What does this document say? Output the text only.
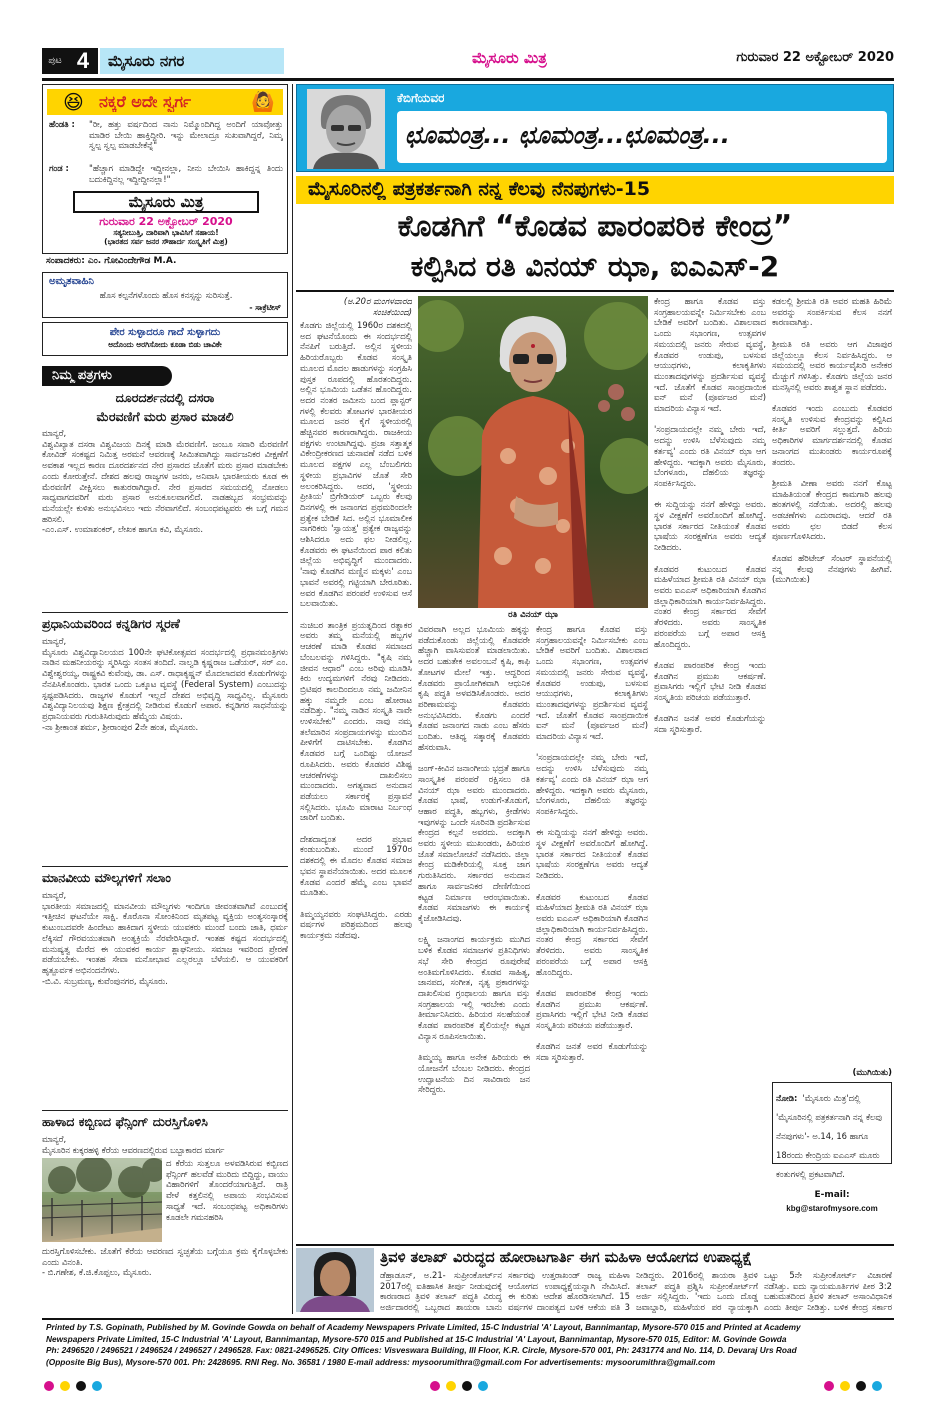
ಪುಟ 4	ಮೈಸೂರು ನಗರ	ಮೈಸೂರು ಮಿತ್ರ	ಗುರುವಾರ 22 ಅಕ್ಟೋಬರ್ 2020
😆 ನಕ್ಕರೆ ಅದೇ ಸ್ವರ್ಗ	🙆
ಹೆಂಡತಿ :	"ರೀ, ಹತ್ತು ವರ್ಷದಿಂದ ನಾನು ನಿಮ್ಮೊಂದಿಗಿದ್ದ ಅಂದಿಗೆ ಯಾವೋತ್ತು ಮಾಡಿರ ಬೇಯಿ ಹಾಕ್ತಿದ್ದೀರಿ. ಇನ್ನು ಮೇಲಾದ್ರೂ ಸುಖವಾಗಿದ್ದರೆ, ನಿಮ್ಮ ಸ್ವಲ್ಪ ಸ್ವಲ್ಪ ಮಾಡಬೇಕೆನ್ನೆ"
ಗಂಡ :	"ಹೆಚ್ಚಾಗ ಮಾಡಿದ್ದೇ ಇದ್ದೀನಲ್ಲಾ, ನೀನು ಬೇಯಿಸಿ ಹಾಕಿದ್ದನ್ನ ತಿಂದು ಬದುಕಿದ್ದಿನಲ್ಲ ಇದ್ದೀದ್ದೀನಲ್ಲಾ!"
ಮೈಸೂರು ಮಿತ್ರ
ಗುರುವಾರ 22 ಅಕ್ಟೋಬರ್ 2020
ಸತ್ಯನೀಬುತ್ತಿ, ದಾರಿವಾಗಿ ಭಾವಿಸಿಗೆ ಸಹಾಯ!
(ಭಾರತದ ಸರ್ವ ಜನರ ಸೌಹಾರ್ದ ಸಂಸ್ಕೃತಿಗೆ ಮಿಶ್ರ)
ಸಂಪಾದಕರು: ಎಂ. ಗೋವಿಂದೇಗೌಡ M.A.
ಅಮೃತವಾಹಿನಿ
ಹೊಸ ಕಲ್ಪನೆಗಳೊಂದು ಹೊಸ ಕನಸ್ಸನ್ನು ಸುರಿಸುತ್ತೆ.
- ಸಾಕ್ರೆಟೀಸ್
ಪೇರ ಸುಳ್ಳಾದರೂ ಗಾದೆ ಸುಳ್ಳಾಗದು
ಅದೊಂದು ಅರಗಿಸೋದು ಕೂಡಾ ಬಿಡು ಚಾವಿಕೇ
ನಿಮ್ಮ ಪತ್ರಗಳು
ದೂರದರ್ಶನದಲ್ಲಿ ದಸರಾ
ಮೆರವಣಿಗೆ ಮರು ಪ್ರಸಾರ ಮಾಡಲಿ
ಮಾನ್ಯರೆ,
ವಿಶ್ವವಿಖ್ಯಾತ ದಸರಾ ವಿಶ್ವವಿಜಯ ದಿನಕ್ಕೆ ಮಾಡಿ ಮೆರವಣಿಗೆ. ಜಂಬೂ ಸವಾರಿ ಮೆರವಣಿಗೆ ಕೋವಿಡ್ ಸಂಕಷ್ಟದ ನಿಮಿತ್ತ ಅರಮನೆ ಆವರಣಕ್ಕೆ ಸೀಮಿತವಾಗಿದ್ದು ಸಾರ್ವಜನಿಕರ ವೀಕ್ಷಣೆಗೆ ಅವಕಾಶ ಇಲ್ಲದ ಕಾರಣ ದೂರದರ್ಶನದ ನೇರ ಪ್ರಸಾರದ ಜೊತೆಗೆ ಮರು ಪ್ರಸಾರ ಮಾಡಬೇಕು ಎಂದು ಕೋರುತ್ತೇನೆ. ದೇಶದ ಹಲವು ರಾಜ್ಯಗಳ ಜನರು, ಅನಿವಾಸಿ ಭಾರತೀಯರು ಕೂಡ ಈ ಮೆರವಣಿಗೆ ವೀಕ್ಷಿಸಲು ಕಾತುರರಾಗಿದ್ದಾರೆ. ನೇರ ಪ್ರಸಾರದ ಸಮಯದಲ್ಲಿ ನೋಡಲು ಸಾಧ್ಯವಾಗದವರಿಗೆ ಮರು ಪ್ರಸಾರ ಅನುಕೂಲವಾಗಲಿದೆ. ನಾಡಹಬ್ಬದ ಸಂಭ್ರಮವನ್ನು ಮನೆಯಲ್ಲೇ ಕುಳಿತು ಅನುಭವಿಸಲು ಇದು ನೆರವಾಗಲಿದೆ. ಸಂಬಂಧಪಟ್ಟವರು ಈ ಬಗ್ಗೆ ಗಮನ ಹರಿಸಲಿ.
-ಎಂ.ಎಸ್. ಉಮಾಶಂಕರ್, ಲೇಖಕ ಹಾಗೂ ಕವಿ, ಮೈಸೂರು.
ಪ್ರಧಾನಿಯವರಿಂದ ಕನ್ನಡಿಗರ ಸ್ಮರಣೆ
ಮಾನ್ಯರೆ,
ಮೈಸೂರು ವಿಶ್ವವಿದ್ಯಾನಿಲಯದ 100ನೇ ಘಟಿಕೋತ್ಸವದ ಸಂದರ್ಭದಲ್ಲಿ ಪ್ರಧಾನಮಂತ್ರಿಗಳು ನಾಡಿನ ಮಹನೀಯರನ್ನು ಸ್ಮರಿಸಿದ್ದು ಸಂತಸ ತಂದಿದೆ. ನಾಲ್ವಡಿ ಕೃಷ್ಣರಾಜ ಒಡೆಯರ್, ಸರ್ ಎಂ. ವಿಶ್ವೇಶ್ವರಯ್ಯ, ರಾಷ್ಟ್ರಕವಿ ಕುವೆಂಪು, ಡಾ. ಎಸ್. ರಾಧಾಕೃಷ್ಣನ್ ಮೊದಲಾದವರ ಕೊಡುಗೆಗಳನ್ನು ನೆನಪಿಸಿಕೊಂಡರು. ಭಾರತ ಒಂದು ಒಕ್ಕೂಟ ವ್ಯವಸ್ಥೆ (Federal System) ಎಂಬುದನ್ನು ಸ್ಪಷ್ಟಪಡಿಸಿದರು. ರಾಜ್ಯಗಳ ಕೊಡುಗೆ ಇಲ್ಲದೆ ದೇಶದ ಅಭಿವೃದ್ಧಿ ಸಾಧ್ಯವಿಲ್ಲ. ಮೈಸೂರು ವಿಶ್ವವಿದ್ಯಾನಿಲಯವು ಶಿಕ್ಷಣ ಕ್ಷೇತ್ರದಲ್ಲಿ ನೀಡಿರುವ ಕೊಡುಗೆ ಅಪಾರ. ಕನ್ನಡಿಗರ ಸಾಧನೆಯನ್ನು ಪ್ರಧಾನಿಯವರು ಗುರುತಿಸಿರುವುದು ಹೆಮ್ಮೆಯ ವಿಷಯ.
-ನಾ ಶ್ರೀಕಾಂತ ಶರ್ಮ, ಶ್ರೀರಾಂಪುರ 2ನೇ ಹಂತ, ಮೈಸೂರು.
ಮಾನವೀಯ ಮೌಲ್ಯಗಳಿಗೆ ಸಲಾಂ
ಮಾನ್ಯರೆ,
ಭಾರತೀಯ ಸಮಾಜದಲ್ಲಿ ಮಾನವೀಯ ಮೌಲ್ಯಗಳು ಇಂದಿಗೂ ಜೀವಂತವಾಗಿವೆ ಎಂಬುದಕ್ಕೆ ಇತ್ತೀಚಿನ ಘಟನೆಯೇ ಸಾಕ್ಷಿ. ಕೊರೊನಾ ಸೋಂಕಿನಿಂದ ಮೃತಪಟ್ಟ ವ್ಯಕ್ತಿಯ ಅಂತ್ಯಸಂಸ್ಕಾರಕ್ಕೆ ಕುಟುಂಬದವರೇ ಹಿಂದೇಟು ಹಾಕಿದಾಗ ಸ್ಥಳೀಯ ಯುವಕರು ಮುಂದೆ ಬಂದು ಜಾತಿ, ಧರ್ಮ ಲೆಕ್ಕಿಸದೆ ಗೌರವಯುತವಾಗಿ ಅಂತ್ಯಕ್ರಿಯೆ ನೆರವೇರಿಸಿದ್ದಾರೆ. ಇಂತಹ ಕಷ್ಟದ ಸಂದರ್ಭದಲ್ಲಿ ಮನುಷ್ಯತ್ವ ಮೆರೆದ ಈ ಯುವಕರ ಕಾರ್ಯ ಶ್ಲಾಘನೀಯ. ಸಮಾಜ ಇವರಿಂದ ಪ್ರೇರಣೆ ಪಡೆಯಬೇಕು. ಇಂತಹ ಸೇವಾ ಮನೋಭಾವ ಎಲ್ಲರಲ್ಲೂ ಬೆಳೆಯಲಿ. ಆ ಯುವಕರಿಗೆ ಹೃತ್ಪೂರ್ವಕ ಅಭಿನಂದನೆಗಳು.
-ಬಿ.ವಿ. ಸುಬ್ರಮಣ್ಯ, ಕುವೆಂಪುನಗರ, ಮೈಸೂರು.
ಹಾಳಾದ ಕಬ್ಬಿಣದ ಫೆನ್ಸಿಂಗ್ ದುರಸ್ತಿಗೊಳಿಸಿ
ಮಾನ್ಯರೆ,
ಮೈಸೂರಿನ ಕುಕ್ಕರಹಳ್ಳಿ ಕೆರೆಯ ಆವರಣದಲ್ಲಿರುವ ಬಬ್ಬಾಕಾರದ ಮಾರ್ಗ
ದ ಕೆರೆಯ ಸುತ್ತಲೂ ಅಳವಡಿಸಿರುವ ಕಬ್ಬಿಣದ ಫೆನ್ಸಿಂಗ್ ಹಲವೆಡೆ ಮುರಿದು ಬಿದ್ದಿದ್ದು, ವಾಯು ವಿಹಾರಿಗಳಿಗೆ ತೊಂದರೆಯಾಗುತ್ತಿದೆ. ರಾತ್ರಿ ವೇಳೆ ಕತ್ತಲಿನಲ್ಲಿ ಅಪಾಯ ಸಂಭವಿಸುವ ಸಾಧ್ಯತೆ ಇದೆ. ಸಂಬಂಧಪಟ್ಟ ಅಧಿಕಾರಿಗಳು ಕೂಡಲೇ ಗಮನಹರಿಸಿ
ದುರಸ್ತಿಗೊಳಿಸಬೇಕು. ಜೊತೆಗೆ ಕೆರೆಯ ಆವರಣದ ಸ್ವಚ್ಛತೆಯ ಬಗ್ಗೆಯೂ ಕ್ರಮ ಕೈಗೊಳ್ಳಬೇಕು ಎಂದು ವಿನಂತಿ.
- ಬಿ.ಗಣೇಶ, ಕೆ.ಜಿ.ಕೊಪ್ಪಲು, ಮೈಸೂರು.
ಕೆಬಿಗೆಯವರ
ಛೂಮಂತ್ರ... ಛೂಮಂತ್ರ...ಛೂಮಂತ್ರ...
ಮೈಸೂರಿನಲ್ಲಿ ಪತ್ರಕರ್ತನಾಗಿ ನನ್ನ ಕೆಲವು ನೆನಪುಗಳು-15
ಕೊಡಗಿಗೆ “ಕೊಡವ ಪಾರಂಪರಿಕ ಕೇಂದ್ರ”
ಕಲ್ಪಿಸಿದ ರತಿ ವಿನಯ್ ಝಾ, ಐಎಎಸ್-2
(ಅ.20ರ ಮಂಗಳವಾರದ
ಸಂಚಿಕೆಯಿಂದ)
ಕೊಡಗು ಜಿಲ್ಲೆಯಲ್ಲಿ 1960ರ ದಶಕದಲ್ಲಿ ಅದ ಘಟನೆಯೊಂದು ಈ ಸಂದರ್ಭದಲ್ಲಿ ನೆನಪಿಗೆ ಬರುತ್ತಿದೆ. ಅಲ್ಲಿನ ಸ್ಥಳೀಯ ಹಿರಿಯರೊಬ್ಬರು ಕೊಡವ ಸಂಸ್ಕೃತಿ ಮೂಲದ ಮೊದಲ ಹಾಡುಗಳನ್ನು ಸಂಗ್ರಹಿಸಿ ಪುಸ್ತಕ ರೂಪದಲ್ಲಿ ಹೊರತಂದಿದ್ದರು. ಅಲ್ಲಿನ ಭೂಮಿಯ ಒಡೆತನ ಹೊಂದಿದ್ದರು. ಅದರ ನಂತರ ಜಮೀನು ಬಂದ ಪ್ಲಾನ್ಟರ್ ಗಳಲ್ಲಿ ಕೆಲವರು ತೋಟಗಳ ಭಾರತೀಯರ ಮೂಲದ ಜನರ ಕೈಗೆ ಸ್ಥಳೀಯರಲ್ಲಿ ಹೆಚ್ಚಿನವರ ಕಾರಣರಾಗಿದ್ದರು. ರಾಜಕೀಯ ಪಕ್ಷಗಳು ಉಂಟಾಗಿದ್ದವು. ಪ್ರಜಾ ಸತ್ತಾತ್ಮಕ ವಿಕೇಂದ್ರೀಕರಣದ ಚುನಾವಣೆ ನಡೆದ ಬಳಿಕ ಮೂಲದ ಪಕ್ಷಗಳ ಎಲ್ಲ ಬೆಂಬಲಿಗರು ಸ್ಥಳೀಯ ಪ್ರಭಾವಿಗಳ ಜೊತೆ ಸೇರಿ ಅಲಂಕರಿಸಿದ್ದರು. ಅದರ, 'ಸ್ಥಳೀಯ ಪ್ರೀತಿಯ' ಬ್ರಿಗೇಡಿಯರ್ ಒಬ್ಬರು ಕೆಲವು ದಿನಗಳಲ್ಲಿ ಈ ಜನಾಂಗದ ಪ್ರಥಮರಿಂದಲೇ ಪ್ರತ್ಯೇಕ ಬೇಡಿಕೆ ಸಿದ. ಅಲ್ಲಿನ ಭೂಮಾಲೀಕ ನಾಗರಿಕರು 'ಸ್ವಾಯತ್ತ' ಪ್ರತ್ಯೇಕ ರಾಜ್ಯವನ್ನು ಆಶಿಸಿದರೂ ಅದು ಫಲ ನೀಡಲಿಲ್ಲ. ಕೊಡವರು ಈ ಘಟನೆಯಿಂದ ಪಾಠ ಕಲಿತು ಜಿಲ್ಲೆಯ ಅಭಿವೃದ್ಧಿಗೆ ಮುಂದಾದರು. 'ನಾವು ಕೊಡಗಿನ ಮಣ್ಣಿನ ಮಕ್ಕಳು' ಎಂಬ ಭಾವನೆ ಅವರಲ್ಲಿ ಗಟ್ಟಿಯಾಗಿ ಬೇರೂರಿತು. ಅವರ ಕೊಡಗಿನ ಪರಂಪರೆ ಉಳಿಸುವ ಆಸೆ ಬಲವಾಯಿತು.

ನುಚಿಬರ ತಾಂತ್ರಿಕ ಪ್ರಯತ್ನದಿಂದ ರತ್ನಾಕರ ಅವರು ತಮ್ಮ ಮನೆಯಲ್ಲಿ ಹಬ್ಬಗಳ ಆಚರಣೆ ಮಾಡಿ ಕೊಡವ ಸಮಾಜದ ಬೆಂಬಲವನ್ನು ಗಳಿಸಿದ್ದರು. "ಕೃಷಿ ನಮ್ಮ ಜೀವನ ಆಧಾರ" ಎಂಬ ಅರಿವು ಮೂಡಿಸಿ ಕಿರು ಉದ್ಯಮಗಳಿಗೆ ನೆರವು ನೀಡಿದರು. ಬ್ರಿಟಿಷರ ಕಾಲದಿಂದಲೂ ನಮ್ಮ ಜಮೀನಿನ ಹಕ್ಕು ನಮ್ಮದೇ ಎಂಬ ಹೋರಾಟ ನಡೆದಿತ್ತು. "ನಮ್ಮ ನಾಡಿನ ಸಂಸ್ಕೃತಿ ನಾವೇ ಉಳಿಸಬೇಕು" ಎಂದರು. ನಾವು ನಮ್ಮ ತಲೆಮಾರಿನ ಸಂಪ್ರದಾಯಗಳನ್ನು ಮುಂದಿನ ಪೀಳಿಗೆಗೆ ದಾಟಿಸಬೇಕು. ಕೊಡಗಿನ ಕೊಡವರ ಬಗ್ಗೆ ಒಂದಿಷ್ಟು ಯೋಜನೆ ರೂಪಿಸಿದರು. ಅವರು ಕೊಡವರ ವಿಶಿಷ್ಟ ಆಚರಣೆಗಳನ್ನು ದಾಖಲಿಸಲು ಮುಂದಾದರು. ಅಗತ್ಯವಾದ ಅನುದಾನ ಪಡೆಯಲು ಸರ್ಕಾರಕ್ಕೆ ಪ್ರಸ್ತಾವನೆ ಸಲ್ಲಿಸಿದರು. ಭೂಮಿ ಮಾರಾಟ ನಿರ್ಬಂಧ ಜಾರಿಗೆ ಬಂದಿತು.

ದೇಶದಾದ್ಯಂತ ಅದರ ಪ್ರಭಾವ ಕಂಡುಬಂದಿತು. ಮುಂದೆ 1970ರ ದಶಕದಲ್ಲಿ ಈ ಮೊದಲ ಕೊಡವ ಸಮಾಜ ಭವನ ಸ್ಥಾಪನೆಯಾಯಿತು. ಅದರ ಮೂಲಕ ಕೊಡವ ಎಂದರೆ ಹೆಮ್ಮೆ ಎಂಬ ಭಾವನೆ ಮೂಡಿತು.

ತಿಮ್ಮಯ್ಯನವರು ಸಂಘಟಿಸಿದ್ದರು. ಎರಡು ವರ್ಷಗಳ ಪರಿಶ್ರಮದಿಂದ ಹಲವು ಕಾರ್ಯಕ್ರಮ ನಡೆದವು.
ರತಿ ವಿನಯ್ ಝಾ
ವಿವರವಾಗಿ ಅಲ್ಲದ ಭೂಮಿಯ ಹಕ್ಕನ್ನು ಪಡೆದುಕೊಂಡು ಜಿಲ್ಲೆಯಲ್ಲಿ ಕೊಡವರೇ ಹೆಚ್ಚಾಗಿ ವಾಸಿಸುವಂತೆ ಮಾಡಲಾಯಿತು. ಅದರ ಬಹುತೇಕ ಅವಲಂಬನೆ ಕೃಷಿ, ಕಾಫಿ ತೋಟಗಳ ಮೇಲೆ ಇತ್ತು. ಆದ್ದರಿಂದ ಕೊಡವರು ಪ್ರಾಯೋಗಿಕವಾಗಿ ಆಧುನಿಕ ಕೃಷಿ ಪದ್ಧತಿ ಅಳವಡಿಸಿಕೊಂಡರು. ಅದರ ಪರಿಣಾಮವನ್ನು ಕೊಡವರು ಅನುಭವಿಸಿದರು. ಕೊಡಗು ಎಂದರೆ ಕೊಡವ ಜನಾಂಗದ ನಾಡು ಎಂಬ ಹೆಸರು ಬಂದಿತು. ಆತಿಥ್ಯ ಸತ್ಕಾರಕ್ಕೆ ಕೊಡವರು ಹೆಸರುವಾಸಿ.

ಜಂಗ್-ಕೀವಿನ ಜನಾಂಗೀಯ ಭದ್ರತೆ ಹಾಗೂ ಸಾಂಸ್ಕೃತಿಕ ಪರಂಪರೆ ರಕ್ಷಿಸಲು ರತಿ ವಿನಯ್ ಝಾ ಅವರು ಮುಂದಾದರು. ಕೊಡವ ಭಾಷೆ, ಉಡುಗೆ-ತೊಡುಗೆ, ಆಹಾರ ಪದ್ಧತಿ, ಹಬ್ಬಗಳು, ಕ್ರೀಡೆಗಳು ಇವುಗಳನ್ನು ಒಂದೇ ಸೂರಿನಡಿ ಪ್ರದರ್ಶಿಸುವ ಕೇಂದ್ರದ ಕಲ್ಪನೆ ಅವರದು. ಅದಕ್ಕಾಗಿ ಅವರು ಸ್ಥಳೀಯ ಮುಖಂಡರು, ಹಿರಿಯರ ಜೊತೆ ಸಮಾಲೋಚನೆ ನಡೆಸಿದರು. ಜಿಲ್ಲಾ ಕೇಂದ್ರ ಮಡಿಕೇರಿಯಲ್ಲಿ ಸೂಕ್ತ ಜಾಗ ಗುರುತಿಸಿದರು. ಸರ್ಕಾರದ ಅನುದಾನ ಹಾಗೂ ಸಾರ್ವಜನಿಕರ ದೇಣಿಗೆಯಿಂದ ಕಟ್ಟಡ ನಿರ್ಮಾಣ ಆರಂಭವಾಯಿತು. ಕೊಡವ ಸಮಾಜಗಳು ಈ ಕಾರ್ಯಕ್ಕೆ ಕೈಜೋಡಿಸಿದವು.

ಲಕ್ಷ್ಮಿ ಜನಾಂಗದ ಕಾರ್ಯಕ್ರಮ ಮುಗಿದ ಬಳಿಕ ಕೊಡವ ಸಮಾಜಗಳ ಪ್ರತಿನಿಧಿಗಳು ಸಭೆ ಸೇರಿ ಕೇಂದ್ರದ ರೂಪುರೇಷೆ ಅಂತಿಮಗೊಳಿಸಿದರು. ಕೊಡವ ಸಾಹಿತ್ಯ, ಜಾನಪದ, ಸಂಗೀತ, ನೃತ್ಯ ಪ್ರಕಾರಗಳನ್ನು ದಾಖಲಿಸುವ ಗ್ರಂಥಾಲಯ ಹಾಗೂ ವಸ್ತು ಸಂಗ್ರಹಾಲಯ ಇಲ್ಲಿ ಇರಬೇಕು ಎಂದು ತೀರ್ಮಾನಿಸಿದರು. ಹಿರಿಯರ ಸಲಹೆಯಂತೆ ಕೊಡವ ಪಾರಂಪರಿಕ ಶೈಲಿಯಲ್ಲೇ ಕಟ್ಟಡ ವಿನ್ಯಾಸ ರೂಪಿಸಲಾಯಿತು.

ತಿಮ್ಮಯ್ಯ ಹಾಗೂ ಅನೇಕ ಹಿರಿಯರು ಈ ಯೋಜನೆಗೆ ಬೆಂಬಲ ನೀಡಿದರು. ಕೇಂದ್ರದ ಉದ್ಘಾಟನೆಯ ದಿನ ಸಾವಿರಾರು ಜನ ಸೇರಿದ್ದರು.
ಕೇಂದ್ರ ಹಾಗೂ ಕೊಡವ ವಸ್ತು ಸಂಗ್ರಹಾಲಯವನ್ನೇ ನಿರ್ಮಿಸಬೇಕು ಎಂಬ ಬೇಡಿಕೆ ಅವರಿಗೆ ಬಂದಿತು. ವಿಶಾಲವಾದ ಒಂದು ಸಭಾಂಗಣ, ಉತ್ಸವಗಳ ಸಮಯದಲ್ಲಿ ಜನರು ಸೇರುವ ವ್ಯವಸ್ಥೆ, ಕೊಡವರ ಉಡುಪು, ಬಳಸುವ ಆಯುಧಗಳು, ಕಲಾಕೃತಿಗಳು ಮುಂತಾದವುಗಳನ್ನು ಪ್ರದರ್ಶಿಸುವ ವ್ಯವಸ್ಥೆ ಇದೆ. ಜೊತೆಗೆ ಕೊಡವ ಸಾಂಪ್ರದಾಯಿಕ ಐನ್ ಮನೆ (ಪೂರ್ವಜರ ಮನೆ) ಮಾದರಿಯ ವಿನ್ಯಾಸ ಇದೆ.

'ಸಂಪ್ರದಾಯದಲ್ಲೇ ನಮ್ಮ ಬೇರು ಇದೆ, ಅದನ್ನು ಉಳಿಸಿ ಬೆಳೆಸುವುದು ನಮ್ಮ ಕರ್ತವ್ಯ' ಎಂದು ರತಿ ವಿನಯ್ ಝಾ ಆಗ ಹೇಳಿದ್ದರು. ಇದಕ್ಕಾಗಿ ಅವರು ಮೈಸೂರು, ಬೆಂಗಳೂರು, ದೆಹಲಿಯ ತಜ್ಞರನ್ನು ಸಂಪರ್ಕಿಸಿದ್ದರು.

ಈ ಸುದ್ದಿಯನ್ನು ನನಗೆ ಹೇಳಿದ್ದು ಅವರು. ಸ್ಥಳ ವೀಕ್ಷಣೆಗೆ ಅವರೊಂದಿಗೆ ಹೋಗಿದ್ದೆ. ಭಾರತ ಸರ್ಕಾರದ ನೀತಿಯಂತೆ ಕೊಡವ ಭಾಷೆಯ ಸಂರಕ್ಷಣೆಗೂ ಅವರು ಆದ್ಯತೆ ನೀಡಿದರು.

ಕೊಡವರ ಕುಟುಂಬದ ಕೊಡವ ಮಹಿಳೆಯಾದ ಶ್ರೀಮತಿ ರತಿ ವಿನಯ್ ಝಾ ಅವರು ಐಎಎಸ್ ಅಧಿಕಾರಿಯಾಗಿ ಕೊಡಗಿನ ಜಿಲ್ಲಾಧಿಕಾರಿಯಾಗಿ ಕಾರ್ಯನಿರ್ವಹಿಸಿದ್ದರು. ನಂತರ ಕೇಂದ್ರ ಸರ್ಕಾರದ ಸೇವೆಗೆ ತೆರಳಿದರು. ಅವರು ಸಾಂಸ್ಕೃತಿಕ ಪರಂಪರೆಯ ಬಗ್ಗೆ ಅಪಾರ ಆಸಕ್ತಿ ಹೊಂದಿದ್ದರು.

ಕೊಡವ ಪಾರಂಪರಿಕ ಕೇಂದ್ರ ಇಂದು ಕೊಡಗಿನ ಪ್ರಮುಖ ಆಕರ್ಷಣೆ. ಪ್ರವಾಸಿಗರು ಇಲ್ಲಿಗೆ ಭೇಟಿ ನೀಡಿ ಕೊಡವ ಸಂಸ್ಕೃತಿಯ ಪರಿಚಯ ಪಡೆಯುತ್ತಾರೆ.

ಕೊಡಗಿನ ಜನತೆ ಅವರ ಕೊಡುಗೆಯನ್ನು ಸದಾ ಸ್ಮರಿಸುತ್ತಾರೆ.
ಕೇಂದ್ರ ಹಾಗೂ ಕೊಡವ ವಸ್ತು ಸಂಗ್ರಹಾಲಯವನ್ನೇ ನಿರ್ಮಿಸಬೇಕು ಎಂಬ ಬೇಡಿಕೆ ಅವರಿಗೆ ಬಂದಿತು. ವಿಶಾಲವಾದ ಒಂದು ಸಭಾಂಗಣ, ಉತ್ಸವಗಳ ಸಮಯದಲ್ಲಿ ಜನರು ಸೇರುವ ವ್ಯವಸ್ಥೆ, ಕೊಡವರ ಉಡುಪು, ಬಳಸುವ ಆಯುಧಗಳು, ಕಲಾಕೃತಿಗಳು ಮುಂತಾದವುಗಳನ್ನು ಪ್ರದರ್ಶಿಸುವ ವ್ಯವಸ್ಥೆ ಇದೆ. ಜೊತೆಗೆ ಕೊಡವ ಸಾಂಪ್ರದಾಯಿಕ ಐನ್ ಮನೆ (ಪೂರ್ವಜರ ಮನೆ) ಮಾದರಿಯ ವಿನ್ಯಾಸ ಇದೆ.

'ಸಂಪ್ರದಾಯದಲ್ಲೇ ನಮ್ಮ ಬೇರು ಇದೆ, ಅದನ್ನು ಉಳಿಸಿ ಬೆಳೆಸುವುದು ನಮ್ಮ ಕರ್ತವ್ಯ' ಎಂದು ರತಿ ವಿನಯ್ ಝಾ ಆಗ ಹೇಳಿದ್ದರು. ಇದಕ್ಕಾಗಿ ಅವರು ಮೈಸೂರು, ಬೆಂಗಳೂರು, ದೆಹಲಿಯ ತಜ್ಞರನ್ನು ಸಂಪರ್ಕಿಸಿದ್ದರು.

ಈ ಸುದ್ದಿಯನ್ನು ನನಗೆ ಹೇಳಿದ್ದು ಅವರು. ಸ್ಥಳ ವೀಕ್ಷಣೆಗೆ ಅವರೊಂದಿಗೆ ಹೋಗಿದ್ದೆ. ಭಾರತ ಸರ್ಕಾರದ ನೀತಿಯಂತೆ ಕೊಡವ ಭಾಷೆಯ ಸಂರಕ್ಷಣೆಗೂ ಅವರು ಆದ್ಯತೆ ನೀಡಿದರು.

ಕೊಡವರ ಕುಟುಂಬದ ಕೊಡವ ಮಹಿಳೆಯಾದ ಶ್ರೀಮತಿ ರತಿ ವಿನಯ್ ಝಾ ಅವರು ಐಎಎಸ್ ಅಧಿಕಾರಿಯಾಗಿ ಕೊಡಗಿನ ಜಿಲ್ಲಾಧಿಕಾರಿಯಾಗಿ ಕಾರ್ಯನಿರ್ವಹಿಸಿದ್ದರು. ನಂತರ ಕೇಂದ್ರ ಸರ್ಕಾರದ ಸೇವೆಗೆ ತೆರಳಿದರು. ಅವರು ಸಾಂಸ್ಕೃತಿಕ ಪರಂಪರೆಯ ಬಗ್ಗೆ ಅಪಾರ ಆಸಕ್ತಿ ಹೊಂದಿದ್ದರು.

ಕೊಡವ ಪಾರಂಪರಿಕ ಕೇಂದ್ರ ಇಂದು ಕೊಡಗಿನ ಪ್ರಮುಖ ಆಕರ್ಷಣೆ. ಪ್ರವಾಸಿಗರು ಇಲ್ಲಿಗೆ ಭೇಟಿ ನೀಡಿ ಕೊಡವ ಸಂಸ್ಕೃತಿಯ ಪರಿಚಯ ಪಡೆಯುತ್ತಾರೆ.

ಕೊಡಗಿನ ಜನತೆ ಅವರ ಕೊಡುಗೆಯನ್ನು ಸದಾ ಸ್ಮರಿಸುತ್ತಾರೆ.
ಕಡಲಲ್ಲಿ ಶ್ರೀಮತಿ ರತಿ ಅವರ ಮಹತಿ ಹಿರಿಮೆ ಅವರನ್ನು ಸಂಪರ್ಕಿಸುವ ಕೆಲಸ ನನಗೆ ಕಾರಣವಾಗಿತ್ತು.

ಶ್ರೀಮತಿ ರತಿ ಅವರು ಆಗ ವಿಜಾಪುರ ಜಿಲ್ಲೆಯಲ್ಲೂ ಕೆಲಸ ನಿರ್ವಹಿಸಿದ್ದರು. ಆ ಸಮಯದಲ್ಲಿ ಅವರ ಕಾರ್ಯವೈಖರಿ ಅನೇಕರ ಮೆಚ್ಚುಗೆ ಗಳಿಸಿತ್ತು. ಕೊಡಗು ಜಿಲ್ಲೆಯ ಜನರ ಮನಸ್ಸಿನಲ್ಲಿ ಅವರು ಶಾಶ್ವತ ಸ್ಥಾನ ಪಡೆದರು.

ಕೊಡವರ ಇಂದು ಎಂಬುದು ಕೊಡವರ ಸಂಸ್ಕೃತಿ ಉಳಿಸುವ ಕೇಂದ್ರವನ್ನು ಕಲ್ಪಿಸಿದ ಕೀರ್ತಿ ಅವರಿಗೆ ಸಲ್ಲುತ್ತದೆ. ಹಿರಿಯ ಅಧಿಕಾರಿಗಳ ಮಾರ್ಗದರ್ಶನದಲ್ಲಿ ಕೊಡವ ಜನಾಂಗದ ಮುಖಂಡರು ಕಾರ್ಯರೂಪಕ್ಕೆ ತಂದರು.

ಶ್ರೀಮತಿ ವೀಣಾ ಅವರು ನನಗೆ ಕೊಟ್ಟ ಮಾಹಿತಿಯಂತೆ ಕೇಂದ್ರದ ಕಾಮಗಾರಿ ಹಲವು ಹಂತಗಳಲ್ಲಿ ನಡೆಯಿತು. ಅದರಲ್ಲಿ ಹಲವು ಅಡಚಣೆಗಳು ಎದುರಾದವು. ಆದರೆ ರತಿ ಅವರು ಛಲ ಬಿಡದೆ ಕೆಲಸ ಪೂರ್ಣಗೊಳಿಸಿದರು.

ಕೊಡವ ಹೆರಿಟೇಜ್ ಸೆಂಟರ್ ಸ್ಥಾಪನೆಯಲ್ಲಿ ನನ್ನ ಕೆಲವು ನೆನಪುಗಳು ಹೀಗಿವೆ. (ಮುಗಿಯಿತು)
(ಮುಗಿಯಿತು)
ನೋಡಿ: 'ಮೈಸೂರು ಮಿತ್ರ'ದಲ್ಲಿ 'ಮೈಸೂರಿನಲ್ಲಿ ಪತ್ರಕರ್ತನಾಗಿ ನನ್ನ ಕೆಲವು ನೆನಪುಗಳು'- ಅ.14, 16 ಹಾಗೂ 18ರಂದು ಕೇಂದ್ರಿಯ ಐಎಎಸ್ ಮೂರು ಕಂತುಗಳಲ್ಲಿ ಪ್ರಕಟವಾಗಿದೆ.
E-mail:
kbg@starofmysore.com
ತ್ರಿವಳಿ ತಲಾಖ್ ವಿರುದ್ಧದ ಹೋರಾಟಗಾರ್ತಿ ಈಗ ಮಹಿಳಾ ಆಯೋಗದ ಉಪಾಧ್ಯಕ್ಷೆ
ಡೆಹ್ರಾಡೂನ್, ಅ.21- ಸುಪ್ರೀಂಕೋರ್ಟ್‌ನ 2017ರಲ್ಲಿ ಐತಿಹಾಸಿಕ ತೀರ್ಪು ನೀಡುವುದಕ್ಕೆ ಕಾರಣರಾದ ತ್ರಿವಳಿ ತಲಾಖ್ ಪದ್ಧತಿ ವಿರುದ್ಧ ಅರ್ಜಿದಾರರಲ್ಲಿ ಒಬ್ಬರಾದ ಶಾಯರಾ ಬಾನು
ಸರ್ಕಾರವು ಉತ್ತರಾಖಂಡ್ ರಾಜ್ಯ ಮಹಿಳಾ ಆಯೋಗದ ಉಪಾಧ್ಯಕ್ಷೆಯನ್ನಾಗಿ ನೇಮಿಸಿದೆ. ಈ ಕುರಿತು ಆದೇಶ ಹೊರಡಿಸಲಾಗಿದೆ. 15 ವರ್ಷಗಳ ದಾಂಪತ್ಯದ ಬಳಿಕ ಆಕೆಯ ಪತಿ 3
ನೀಡಿದ್ದರು. 2016ರಲ್ಲಿ ಶಾಯರಾ ತ್ರಿವಳಿ ತಲಾಖ್ ಪದ್ಧತಿ ಪ್ರಶ್ನಿಸಿ ಸುಪ್ರೀಂಕೋರ್ಟ್‌ಗೆ ಅರ್ಜಿ ಸಲ್ಲಿಸಿದ್ದರು. 'ಇದು ಒಂದು ದೊಡ್ಡ ಜವಾಬ್ದಾರಿ, ಮಹಿಳೆಯರ ಪರ ನ್ಯಾಯಕ್ಕಾಗಿ
ಒಟ್ಟು 5ನೇ ಸುಪ್ರೀಂಕೋರ್ಟ್ ವಿಚಾರಣೆ ನಡೆಸಿತ್ತು. ಐದು ನ್ಯಾಯಮೂರ್ತಿಗಳ ಪೀಠ 3:2 ಬಹುಮತದಿಂದ ತ್ರಿವಳಿ ತಲಾಖ್ ಅಸಾಂವಿಧಾನಿಕ ಎಂದು ತೀರ್ಪು ನೀಡಿತ್ತು. ಬಳಿಕ ಕೇಂದ್ರ ಸರ್ಕಾರ
Printed by T.S. Gopinath, Published by M. Govinde Gowda on behalf of Academy Newspapers Private Limited, 15-C Industrial 'A' Layout, Bannimantap, Mysore-570 015 and Printed at Academy
Newspapers Private Limited, 15-C Industrial 'A' Layout, Bannimantap, Mysore-570 015 and Published at 15-C Industrial 'A' Layout, Bannimantap, Mysore-570 015, Editor: M. Govinde Gowda
Ph: 2496520 / 2496521 / 2496524 / 2496527 / 2496528. Fax: 0821-2496525. City Offices: Visveswara Building, III Floor, K.R. Circle, Mysore-570 001, Ph: 2431774 and No. 114, D. Devaraj Urs Road
(Opposite Big Bus), Mysore-570 001. Ph: 2428695. RNI Reg. No. 36581 / 1980 E-mail address: mysoorumithra@gmail.com For advertisements: mysoorumithra@gmail.com
